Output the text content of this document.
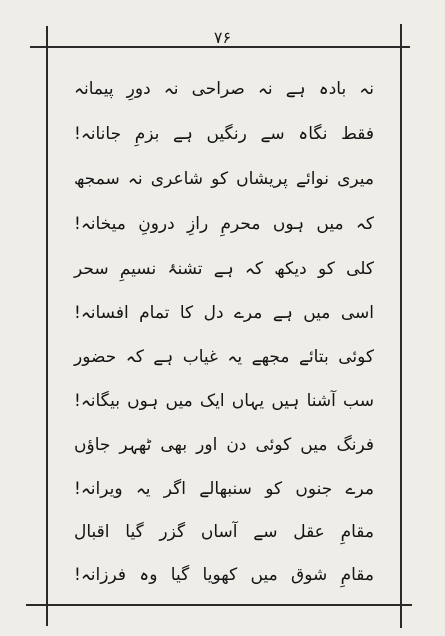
۷۶
نہ بادہ ہے نہ صراحی نہ دورِ پیمانہ
فقط نگاہ سے رنگیں ہے بزمِ جانانہ!
میری نوائے پریشاں کو شاعری نہ سمجھ
کہ میں ہوں محرمِ رازِ درونِ میخانہ!
کلی کو دیکھ کہ ہے تشنۂ نسیمِ سحر
اسی میں ہے مرے دل کا تمام افسانہ!
کوئی بتائے مجھے یہ غیاب ہے کہ حضور
سب آشنا ہیں یہاں ایک میں ہوں بیگانہ!
فرنگ میں کوئی دن اور بھی ٹھہر جاؤں
مرے جنوں کو سنبھالے اگر یہ ویرانہ!
مقامِ عقل سے آساں گزر گیا اقبال
مقامِ شوق میں کھویا گیا وہ فرزانہ!
